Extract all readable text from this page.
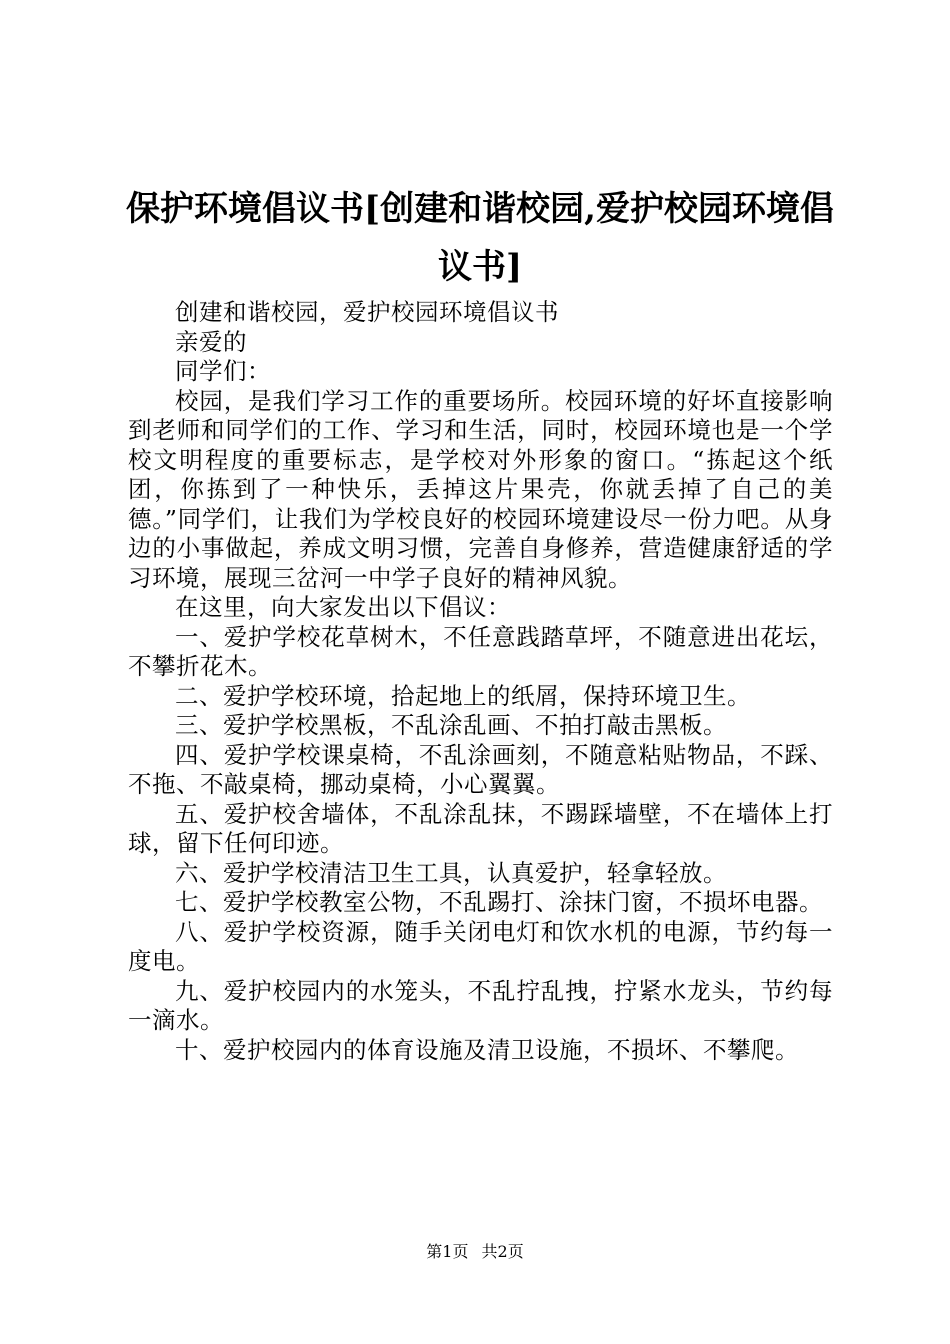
保护环境倡议书[创建和谐校园,爱护校园环境倡议书]

创建和谐校园，爱护校园环境倡议书

亲爱的

同学们：

校园，是我们学习工作的重要场所。校园环境的好坏直接影响到老师和同学们的工作、学习和生活，同时，校园环境也是一个学校文明程度的重要标志，是学校对外形象的窗口。“拣起这个纸团，你拣到了一种快乐，丢掉这片果壳，你就丢掉了自己的美德。”同学们，让我们为学校良好的校园环境建设尽一份力吧。从身边的小事做起，养成文明习惯，完善自身修养，营造健康舒适的学习环境，展现三岔河一中学子良好的精神风貌。

在这里，向大家发出以下倡议：

一、爱护学校花草树木，不任意践踏草坪，不随意进出花坛，不攀折花木。

二、爱护学校环境，拾起地上的纸屑，保持环境卫生。

三、爱护学校黑板，不乱涂乱画、不拍打敲击黑板。

四、爱护学校课桌椅，不乱涂画刻，不随意粘贴物品，不踩、不拖、不敲桌椅，挪动桌椅，小心翼翼。

五、爱护校舍墙体，不乱涂乱抹，不踢踩墙壁，不在墙体上打球，留下任何印迹。

六、爱护学校清洁卫生工具，认真爱护，轻拿轻放。

七、爱护学校教室公物，不乱踢打、涂抹门窗，不损坏电器。

八、爱护学校资源，随手关闭电灯和饮水机的电源，节约每一度电。

九、爱护校园内的水笼头，不乱拧乱拽，拧紧水龙头，节约每一滴水。

十、爱护校园内的体育设施及清卫设施，不损坏、不攀爬。

第1页 共2页
